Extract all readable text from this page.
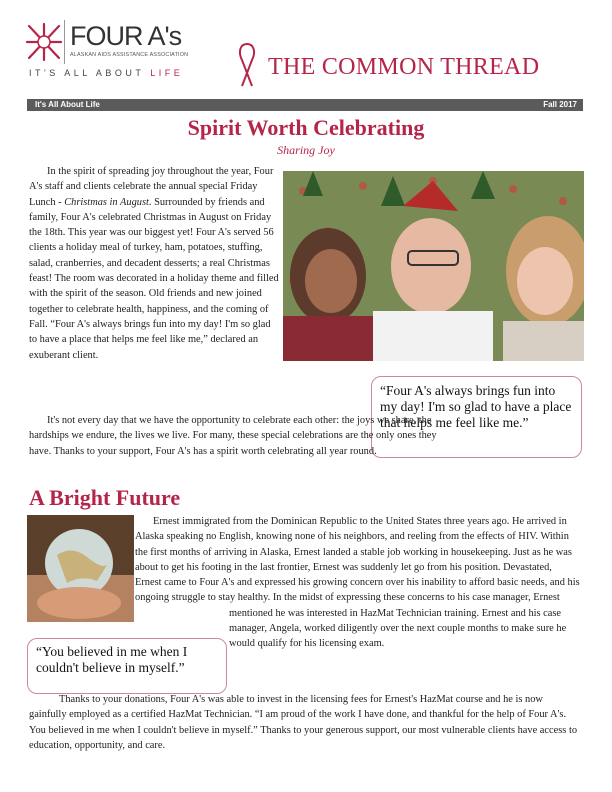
FOUR A's
ALASKAN AIDS ASSISTANCE ASSOCIATION
IT'S ALL ABOUT LIFE	THE COMMON THREAD
It's All About Life	Fall 2017
Spirit Worth Celebrating
Sharing Joy

In the spirit of spreading joy throughout the year, Four A's staff and clients celebrate the annual special Friday Lunch - Christmas in August. Surrounded by friends and family, Four A's celebrated Christmas in August on Friday the 18th. This year was our biggest yet! Four A's served 56 clients a holiday meal of turkey, ham, potatoes, stuffing, salad, cranberries, and decadent desserts; a real Christmas feast! The room was decorated in a holiday theme and filled with the spirit of the season. Old friends and new joined together to celebrate health, happiness, and the coming of Fall. “Four A's always brings fun into my day! I'm so glad to have a place that helps me feel like me,” declared an exuberant client.

“Four A's always brings fun into my day! I'm so glad to have a place that helps me feel like me.”

It's not every day that we have the opportunity to celebrate each other: the joys we share, the hardships we endure, the lives we live. For many, these special celebrations are the only ones they have. Thanks to your support, Four A's has a spirit worth celebrating all year round.

A Bright Future

Ernest immigrated from the Dominican Republic to the United States three years ago. He arrived in Alaska speaking no English, knowing none of his neighbors, and reeling from the effects of HIV. Within the first months of arriving in Alaska, Ernest landed a stable job working in housekeeping. Just as he was about to get his footing in the last frontier, Ernest was suddenly let go from his position. Devastated, Ernest came to Four A's and expressed his growing concern over his inability to afford basic needs, and his ongoing struggle to stay healthy. In the midst of expressing these concerns to his case manager, Ernest mentioned he was interested in HazMat Technician training. Ernest and his case manager, Angela, worked diligently over the next couple months to make sure he would qualify for his licensing exam.

“You believed in me when I couldn't believe in myself.”

Thanks to your donations, Four A's was able to invest in the licensing fees for Ernest's HazMat course and he is now gainfully employed as a certified HazMat Technician. “I am proud of the work I have done, and thankful for the help of Four A's. You believed in me when I couldn't believe in myself.” Thanks to your generous support, our most vulnerable clients have access to education, opportunity, and care.
